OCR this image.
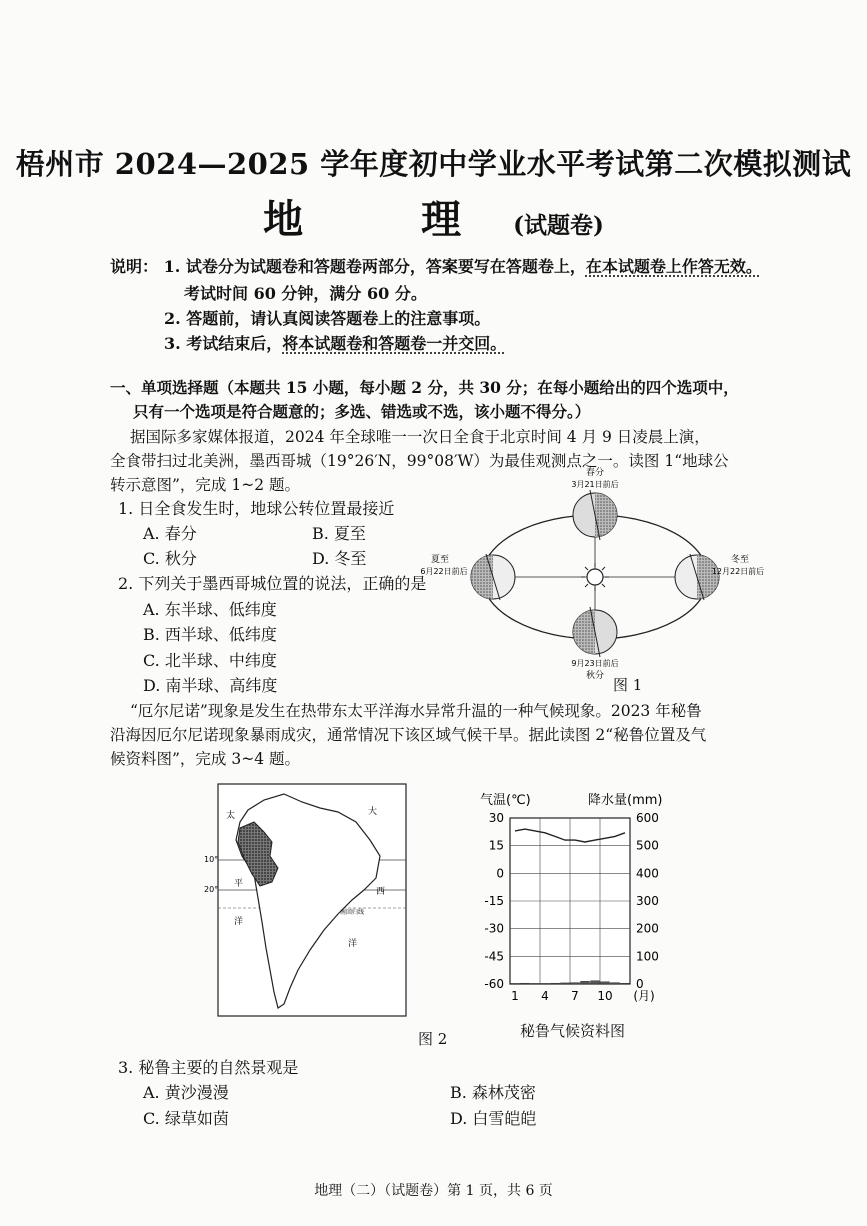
梧州市 2024—2025 学年度初中学业水平考试第二次模拟测试
地 理(试题卷)
说明： 1. 试卷分为试题卷和答题卷两部分，答案要写在答题卷上，在本试题卷上作答无效。
考试时间 60 分钟，满分 60 分。
2. 答题前，请认真阅读答题卷上的注意事项。
3. 考试结束后，将本试题卷和答题卷一并交回。
一、单项选择题（本题共 15 小题，每小题 2 分，共 30 分；在每小题给出的四个选项中，
只有一个选项是符合题意的；多选、错选或不选，该小题不得分。）
据国际多家媒体报道，2024 年全球唯一一次日全食于北京时间 4 月 9 日凌晨上演，
全食带扫过北美洲，墨西哥城（19°26′N，99°08′W）为最佳观测点之一。读图 1“地球公
转示意图”，完成 1~2 题。
1. 日全食发生时，地球公转位置最接近
A. 春分	B. 夏至
C. 秋分	D. 冬至
2. 下列关于墨西哥城位置的说法，正确的是
A. 东半球、低纬度
B. 西半球、低纬度
C. 北半球、中纬度
D. 南半球、高纬度
春分
3月21日前后
夏至
6月22日前后
冬至
12月22日前后
9月23日前后
秋分 图 1
“厄尔尼诺”现象是发生在热带东太平洋海水异常升温的一种气候现象。2023 年秘鲁
沿海因厄尔尼诺现象暴雨成灾，通常情况下该区域气候干旱。据此读图 2“秘鲁位置及气
候资料图”，完成 3~4 题。
太
10°
20°
平
洋
大
西
洋
南回归线
图 2
气温(℃)	降水量(mm)
30	600
15	500
0	400
-15	300
-30	200
-45	100
-60	0
1 4 7 10 (月)
秘鲁气候资料图
3. 秘鲁主要的自然景观是
A. 黄沙漫漫	B. 森林茂密
C. 绿草如茵	D. 白雪皑皑
地理（二）（试题卷）第 1 页，共 6 页
